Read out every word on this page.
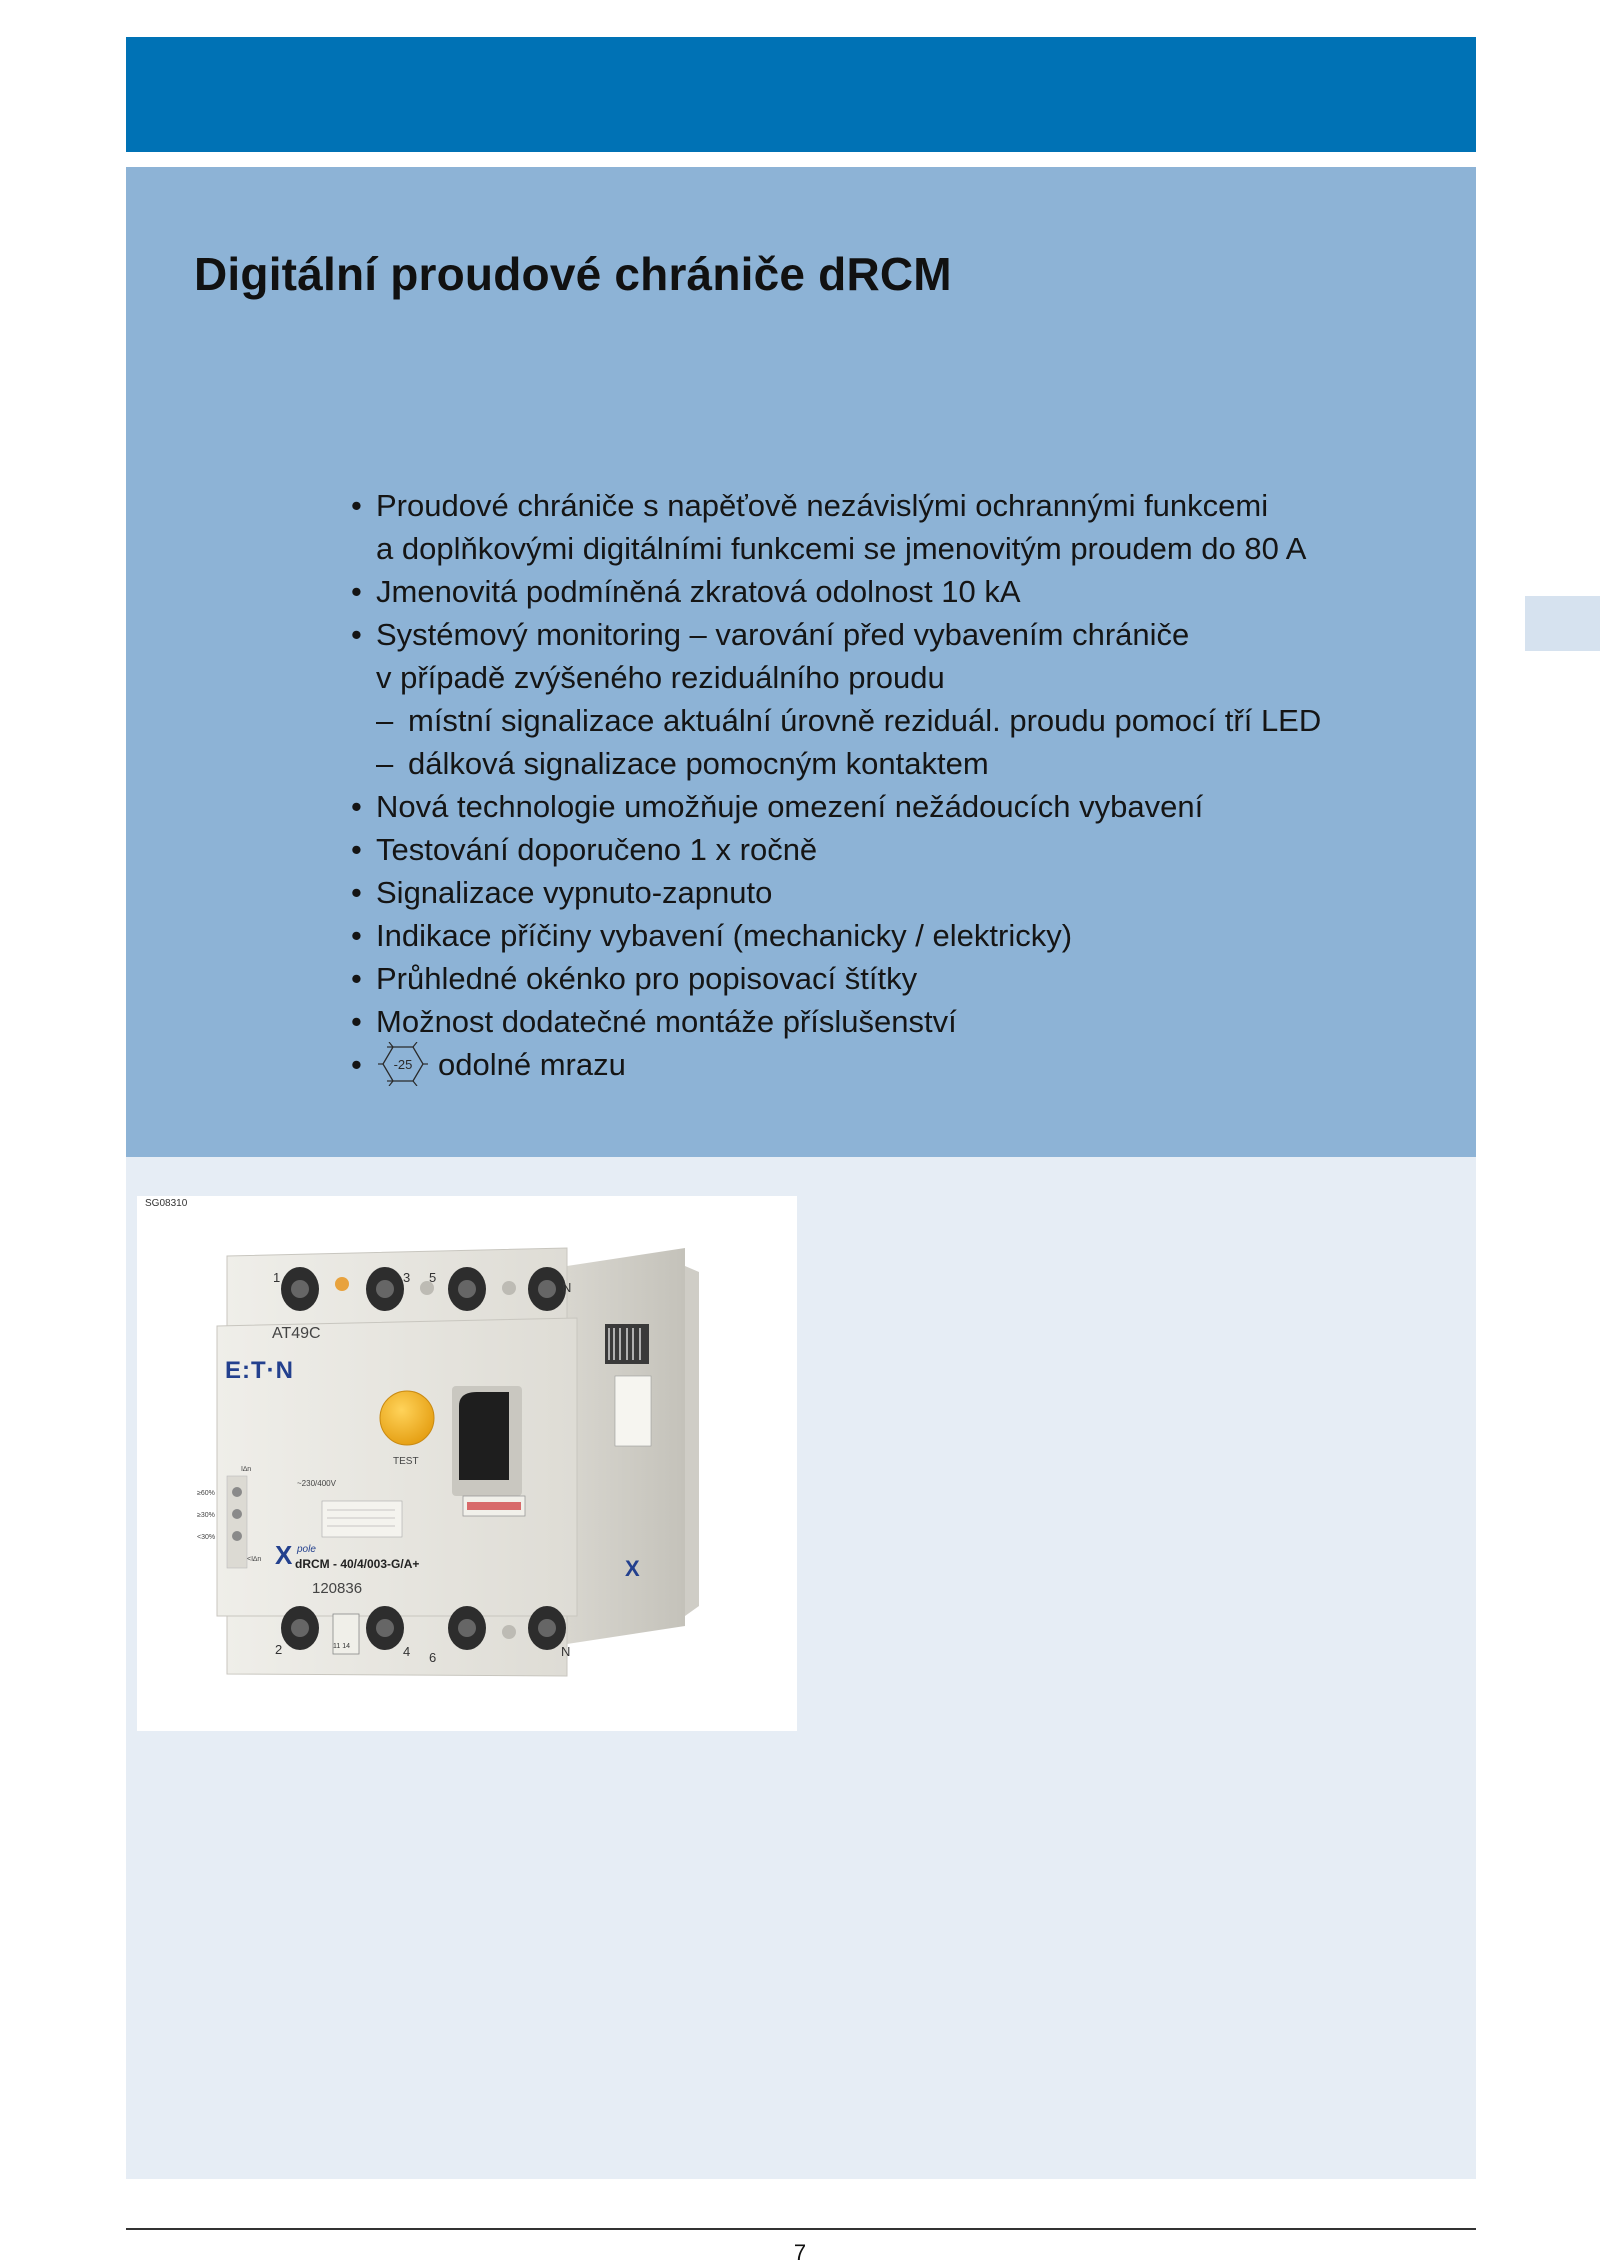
Digitální proudové chrániče dRCM
• Proudové chrániče s napěťově nezávislými ochrannými funkcemi
a doplňkovými digitálními funkcemi se jmenovitým proudem do 80 A
• Jmenovitá podmíněná zkratová odolnost 10 kA
• Systémový monitoring – varování před vybavením chrániče
v případě zvýšeného reziduálního proudu
– místní signalizace aktuální úrovně reziduál. proudu pomocí tří LED
– dálková signalizace pomocným kontaktem
• Nová technologie umožňuje omezení nežádoucích vybavení
• Testování doporučeno 1 x ročně
• Signalizace vypnuto-zapnuto
• Indikace příčiny vybavení (mechanicky / elektricky)
• Průhledné okénko pro popisovací štítky
• Možnost dodatečné montáže příslušenství
• -25 odolné mrazu
SG08310
X
1	3 5
N
AT49C
E:T·N
TEST
I∆n
≥60%
≥30%
<30%
<I∆n
~230/400V
X pole
dRCM - 40/4/003-G/A+
120836
2	4 6	N
11 14
7
